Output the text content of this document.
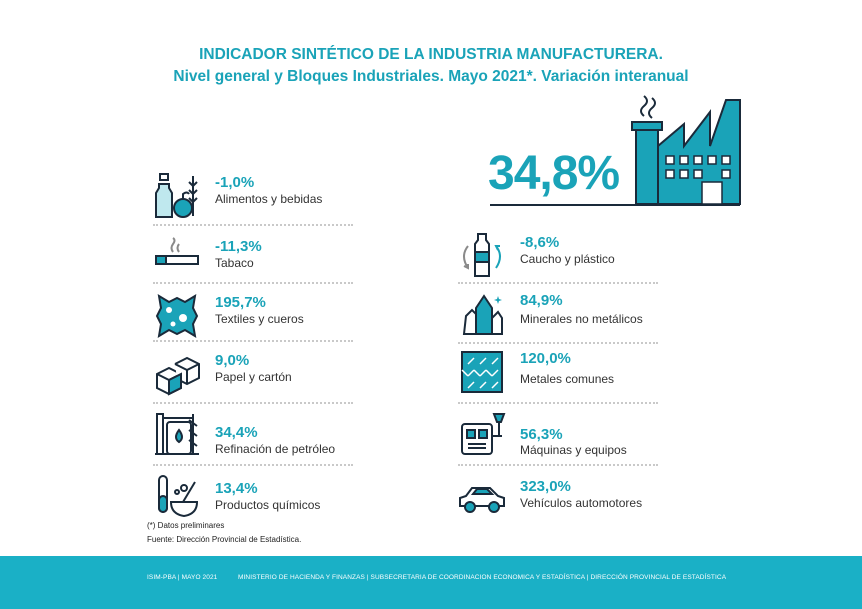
INDICADOR SINTÉTICO DE LA INDUSTRIA MANUFACTURERA.
Nivel general y Bloques Industriales. Mayo 2021*. Variación interanual
34,8%
-1,0%
Alimentos y bebidas
-11,3%
Tabaco
195,7%
Textiles y cueros
9,0%
Papel y cartón
34,4%
Refinación de petróleo
13,4%
Productos químicos
-8,6%
Caucho y plástico
84,9%
Minerales no metálicos
120,0%
Metales comunes
56,3%
Máquinas y equipos
323,0%
Vehículos automotores
(*) Datos preliminares
Fuente: Dirección Provincial de Estadística.
ISIM-PBA | MAYO 2021	MINISTERIO DE HACIENDA Y FINANZAS | SUBSECRETARIA DE COORDINACION ECONOMICA Y ESTADÍSTICA | DIRECCIÓN PROVINCIAL DE ESTADÍSTICA
